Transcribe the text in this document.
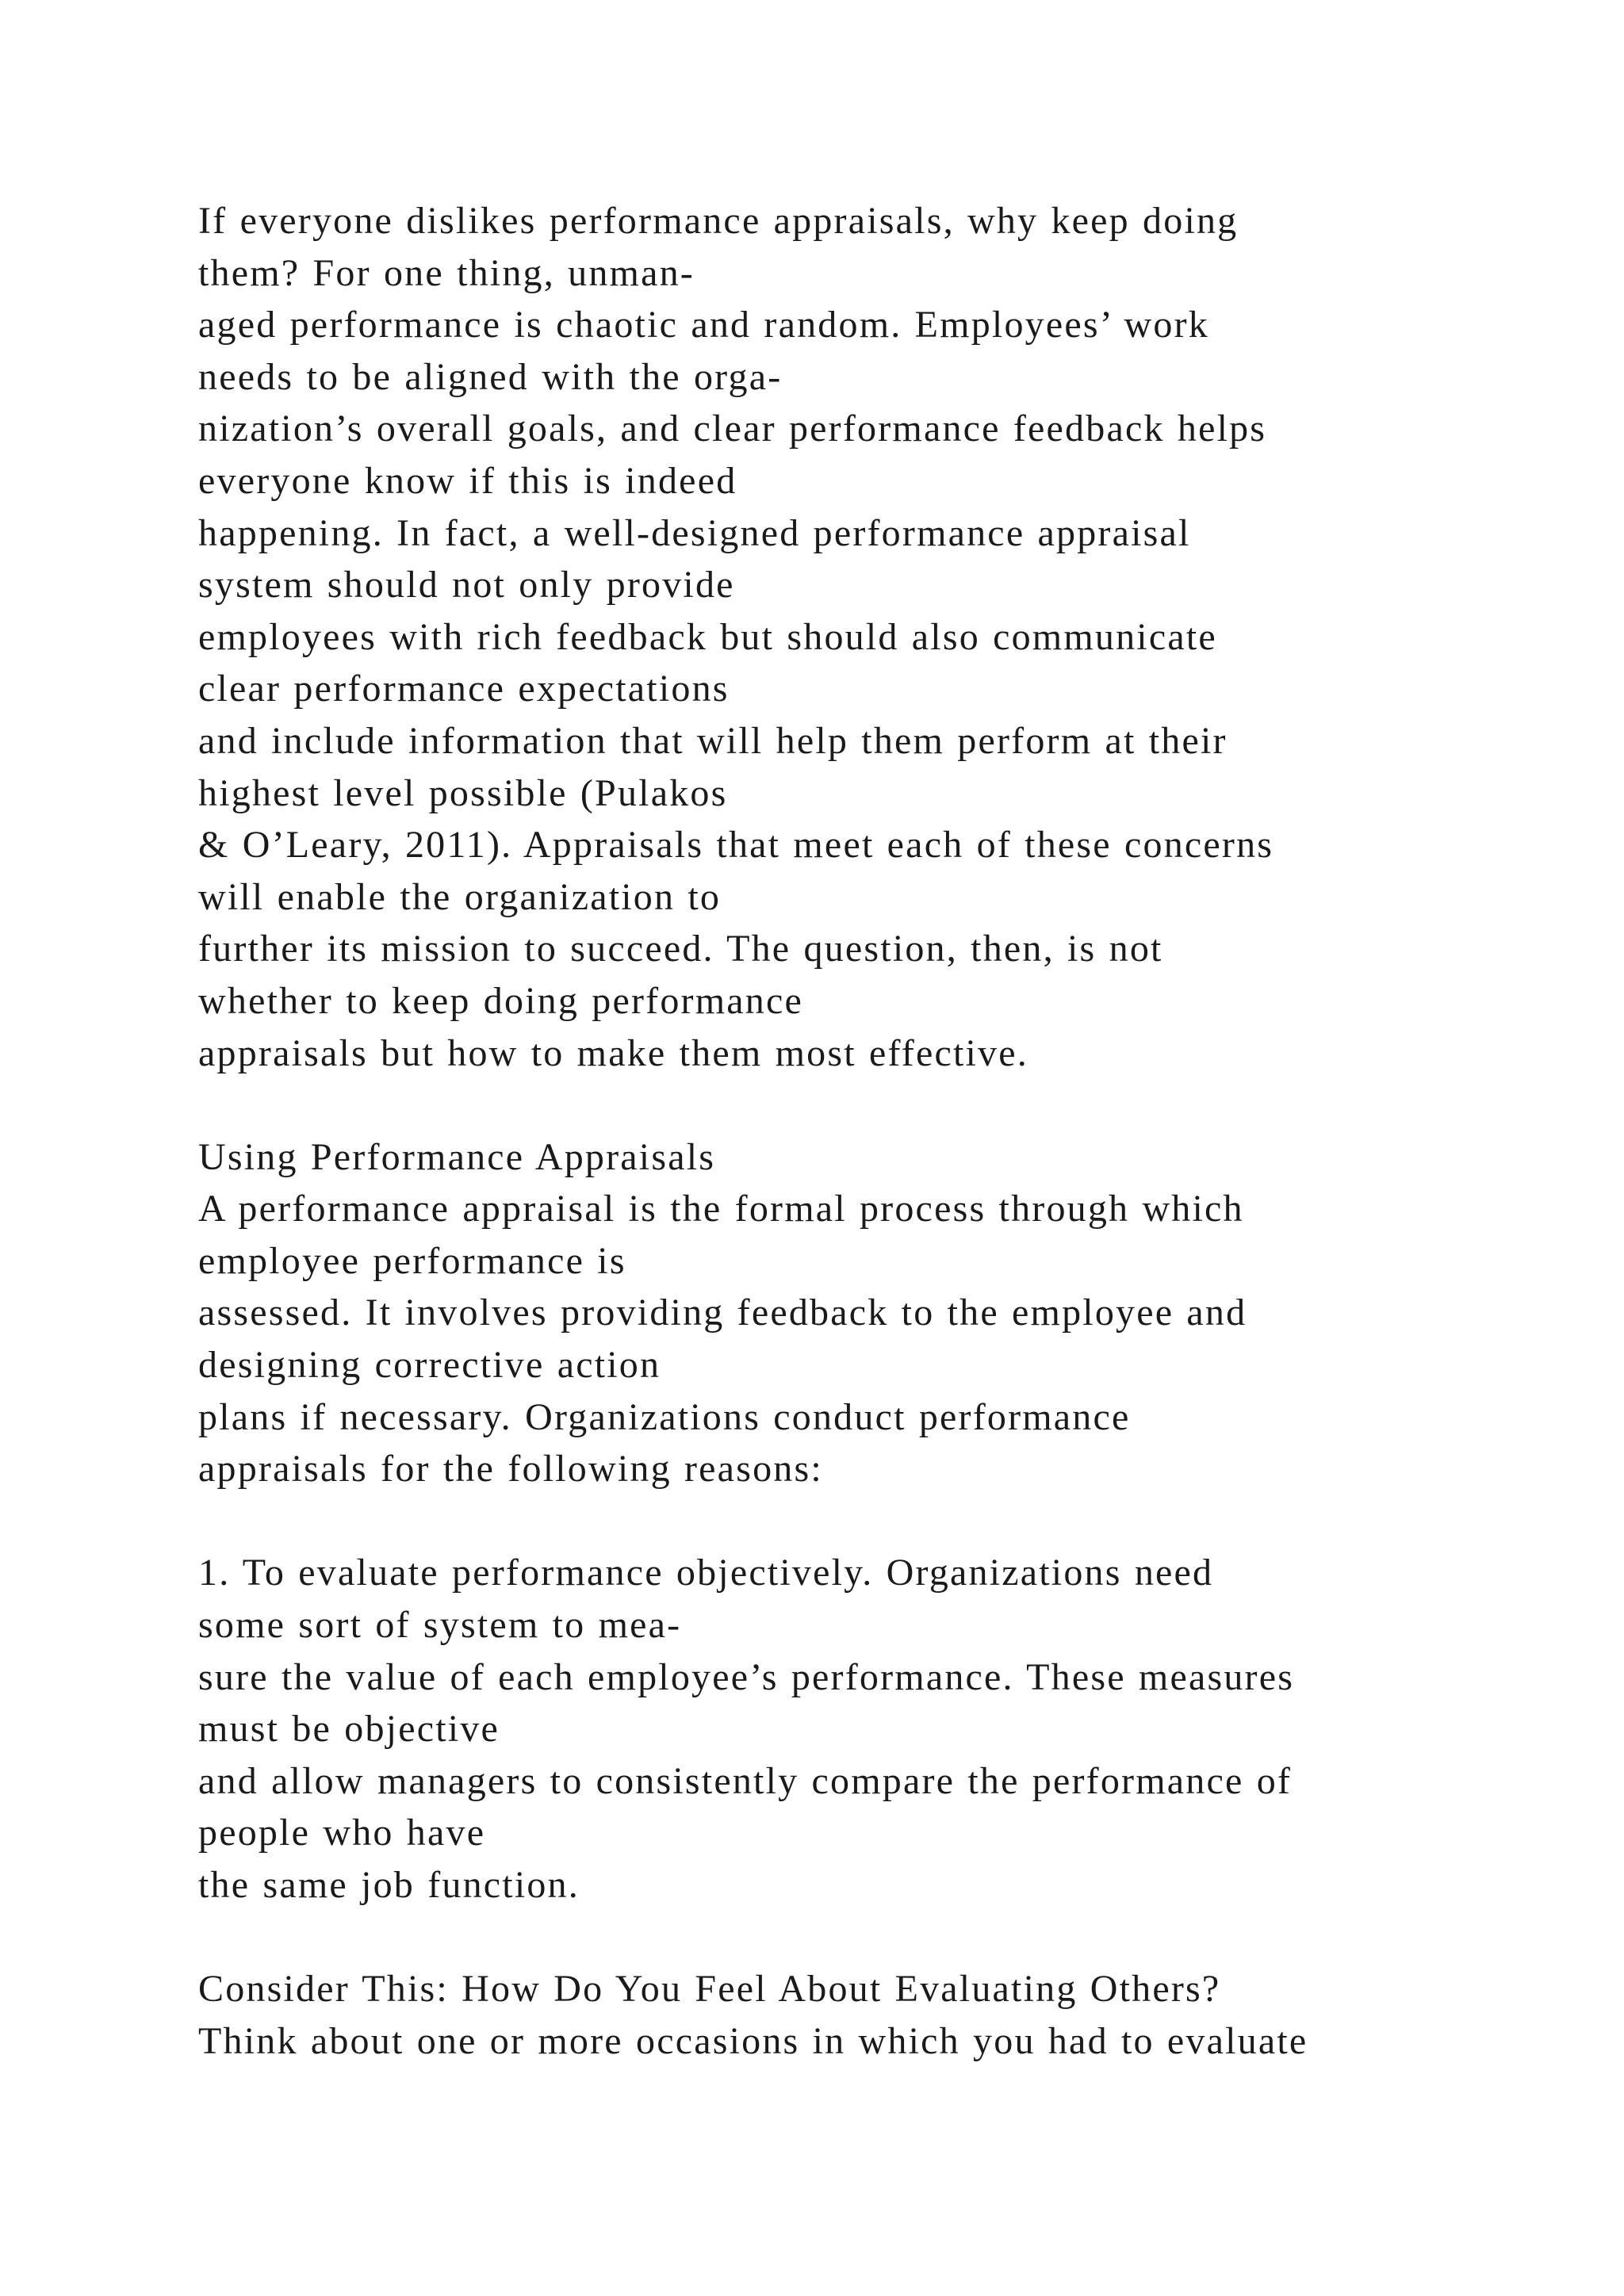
If everyone dislikes performance appraisals, why keep doing
them? For one thing, unman-
aged performance is chaotic and random. Employees’ work
needs to be aligned with the orga-
nization’s overall goals, and clear performance feedback helps
everyone know if this is indeed
happening. In fact, a well-designed performance appraisal
system should not only provide
employees with rich feedback but should also communicate
clear performance expectations
and include information that will help them perform at their
highest level possible (Pulakos
& O’Leary, 2011). Appraisals that meet each of these concerns
will enable the organization to
further its mission to succeed. The question, then, is not
whether to keep doing performance
appraisals but how to make them most effective.
Using Performance Appraisals
A performance appraisal is the formal process through which
employee performance is
assessed. It involves providing feedback to the employee and
designing corrective action
plans if necessary. Organizations conduct performance
appraisals for the following reasons:
1. To evaluate performance objectively. Organizations need
some sort of system to mea-
sure the value of each employee’s performance. These measures
must be objective
and allow managers to consistently compare the performance of
people who have
the same job function.
Consider This: How Do You Feel About Evaluating Others?
Think about one or more occasions in which you had to evaluate
